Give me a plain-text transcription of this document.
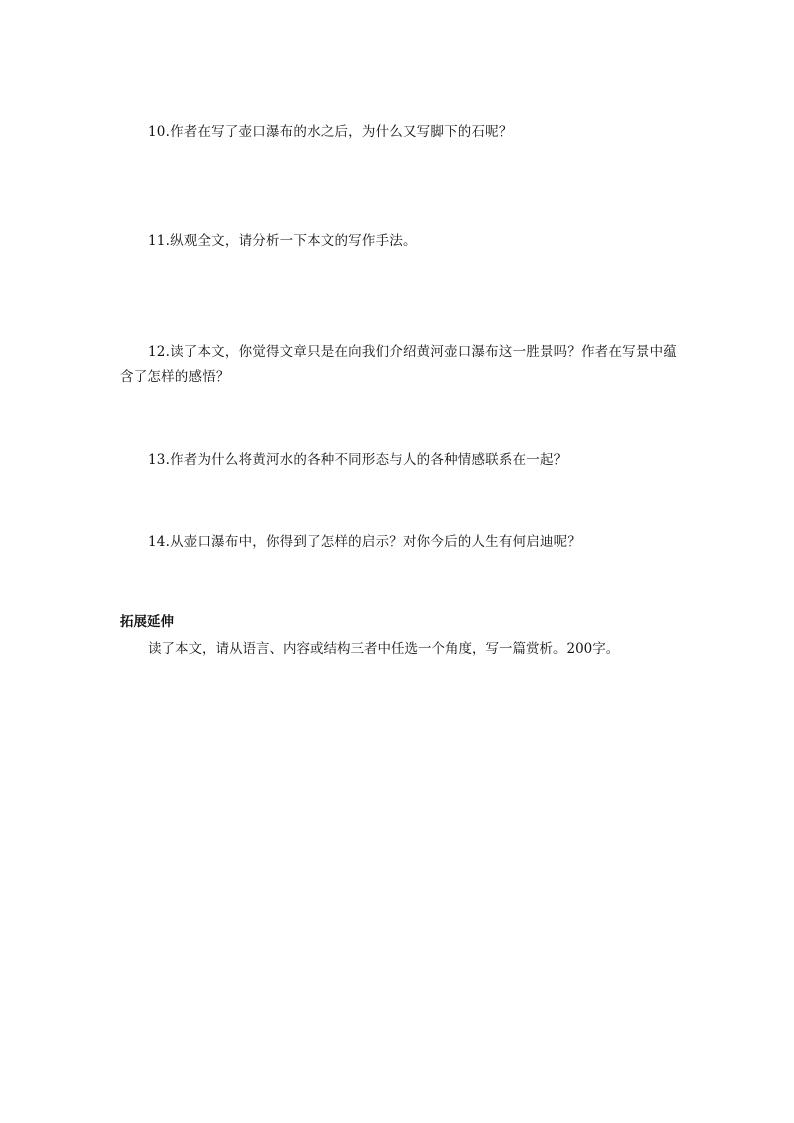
10.作者在写了壶口瀑布的水之后，为什么又写脚下的石呢？

11.纵观全文，请分析一下本文的写作手法。

12.读了本文，你觉得文章只是在向我们介绍黄河壶口瀑布这一胜景吗？作者在写景中蕴含了怎样的感悟？

13.作者为什么将黄河水的各种不同形态与人的各种情感联系在一起？

14.从壶口瀑布中，你得到了怎样的启示？对你今后的人生有何启迪呢？

拓展延伸

读了本文，请从语言、内容或结构三者中任选一个角度，写一篇赏析。200字。
